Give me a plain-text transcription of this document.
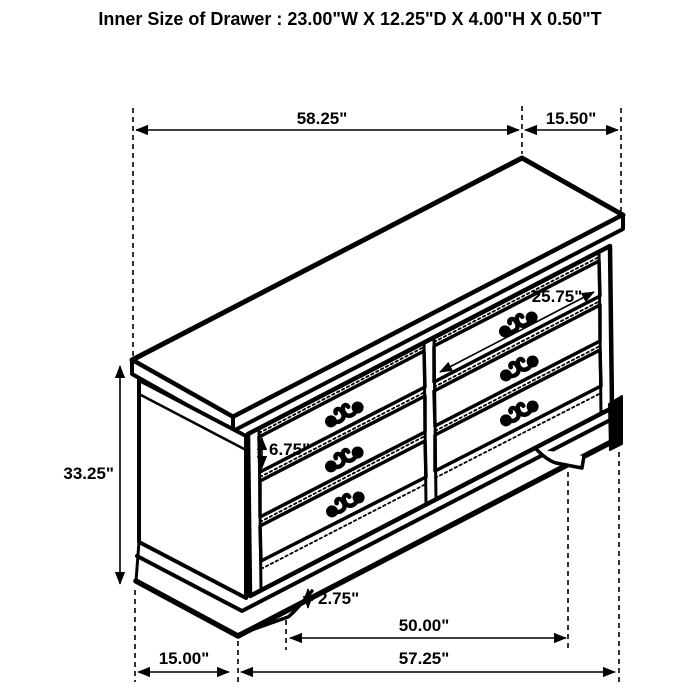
Inner Size of Drawer : 23.00"W X 12.25"D X 4.00"H X 0.50"T
58.25"	15.50"
33.25"
25.75"
6.75"
2.75"
50.00"
15.00"	57.25"
